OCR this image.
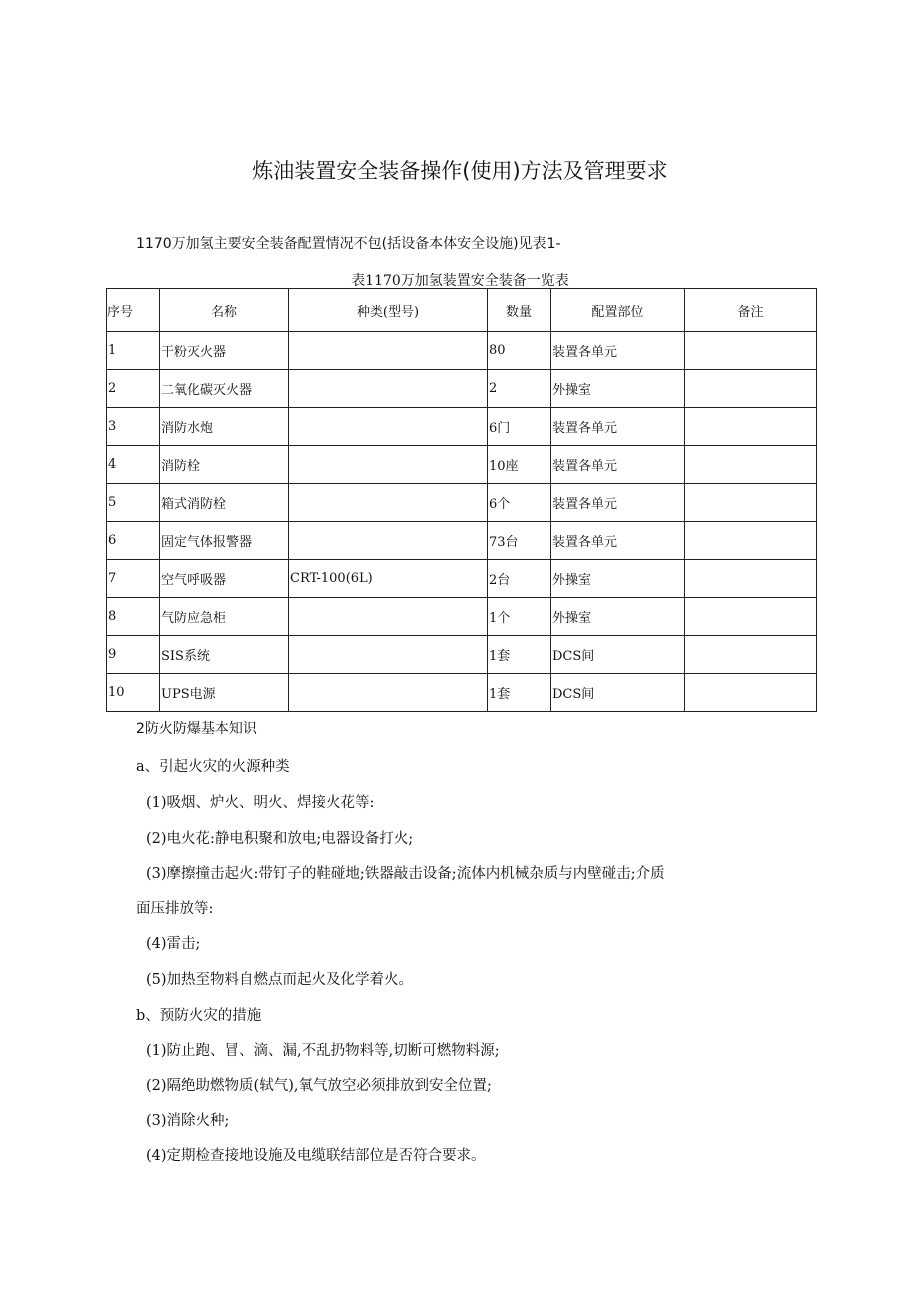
炼油装置安全装备操作(使用)方法及管理要求

1170万加氢主要安全装备配置情况不包(括设备本体安全设施)见表1-

表1170万加氢装置安全装备一览表

序号	名称	种类(型号)	数量	配置部位	备注
1	干粉灭火器		80	装置各单元	
2	二氧化碳灭火器		2	外操室	
3	消防水炮		6门	装置各单元	
4	消防栓		10座	装置各单元	
5	箱式消防栓		6个	装置各单元	
6	固定气体报警器		73台	装置各单元	
7	空气呼吸器	CRT-100(6L)	2台	外操室	
8	气防应急柜		1个	外操室	
9	SIS系统		1套	DCS间	
10	UPS电源		1套	DCS间	

2防火防爆基本知识

a、引起火灾的火源种类

(1)吸烟、炉火、明火、焊接火花等:

(2)电火花:静电积聚和放电;电器设备打火;

(3)摩擦撞击起火:带钉子的鞋碰地;铁器敲击设备;流体内机械杂质与内壁碰击;介质

面压排放等:

(4)雷击;

(5)加热至物料自燃点而起火及化学着火。

b、预防火灾的措施

(1)防止跑、冒、滴、漏,不乱扔物料等,切断可燃物料源;

(2)隔绝助燃物质(轼气),氧气放空必须排放到安全位置;

(3)消除火种;

(4)定期检查接地设施及电缆联结部位是否符合要求。
